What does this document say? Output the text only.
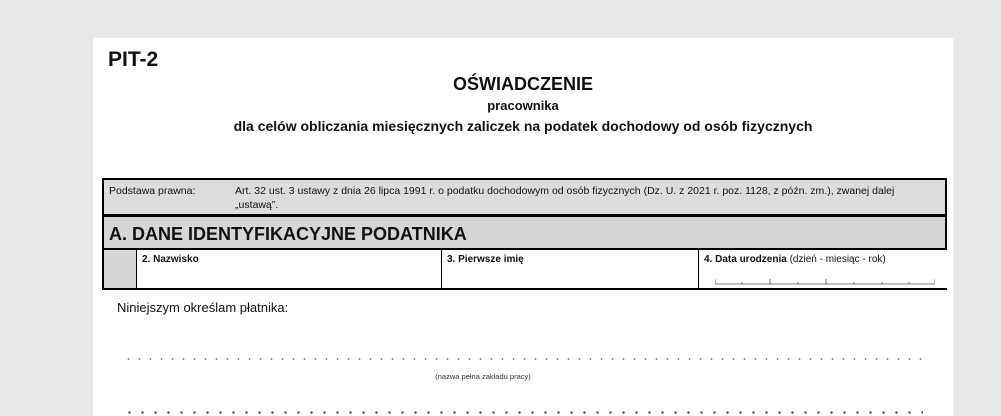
PIT-2
OŚWIADCZENIE
pracownika
dla celów obliczania miesięcznych zaliczek na podatek dochodowy od osób fizycznych
Podstawa prawna:	Art. 32 ust. 3 ustawy z dnia 26 lipca 1991 r. o podatku dochodowym od osób fizycznych (Dz. U. z 2021 r. poz. 1128, z późn. zm.), zwanej dalej „ustawą”.
A. DANE IDENTYFIKACYJNE PODATNIKA
2. Nazwisko	3. Pierwsze imię	4. Data urodzenia (dzień - miesiąc - rok)
Niniejszym określam płatnika:
(nazwa pełna zakładu pracy)
